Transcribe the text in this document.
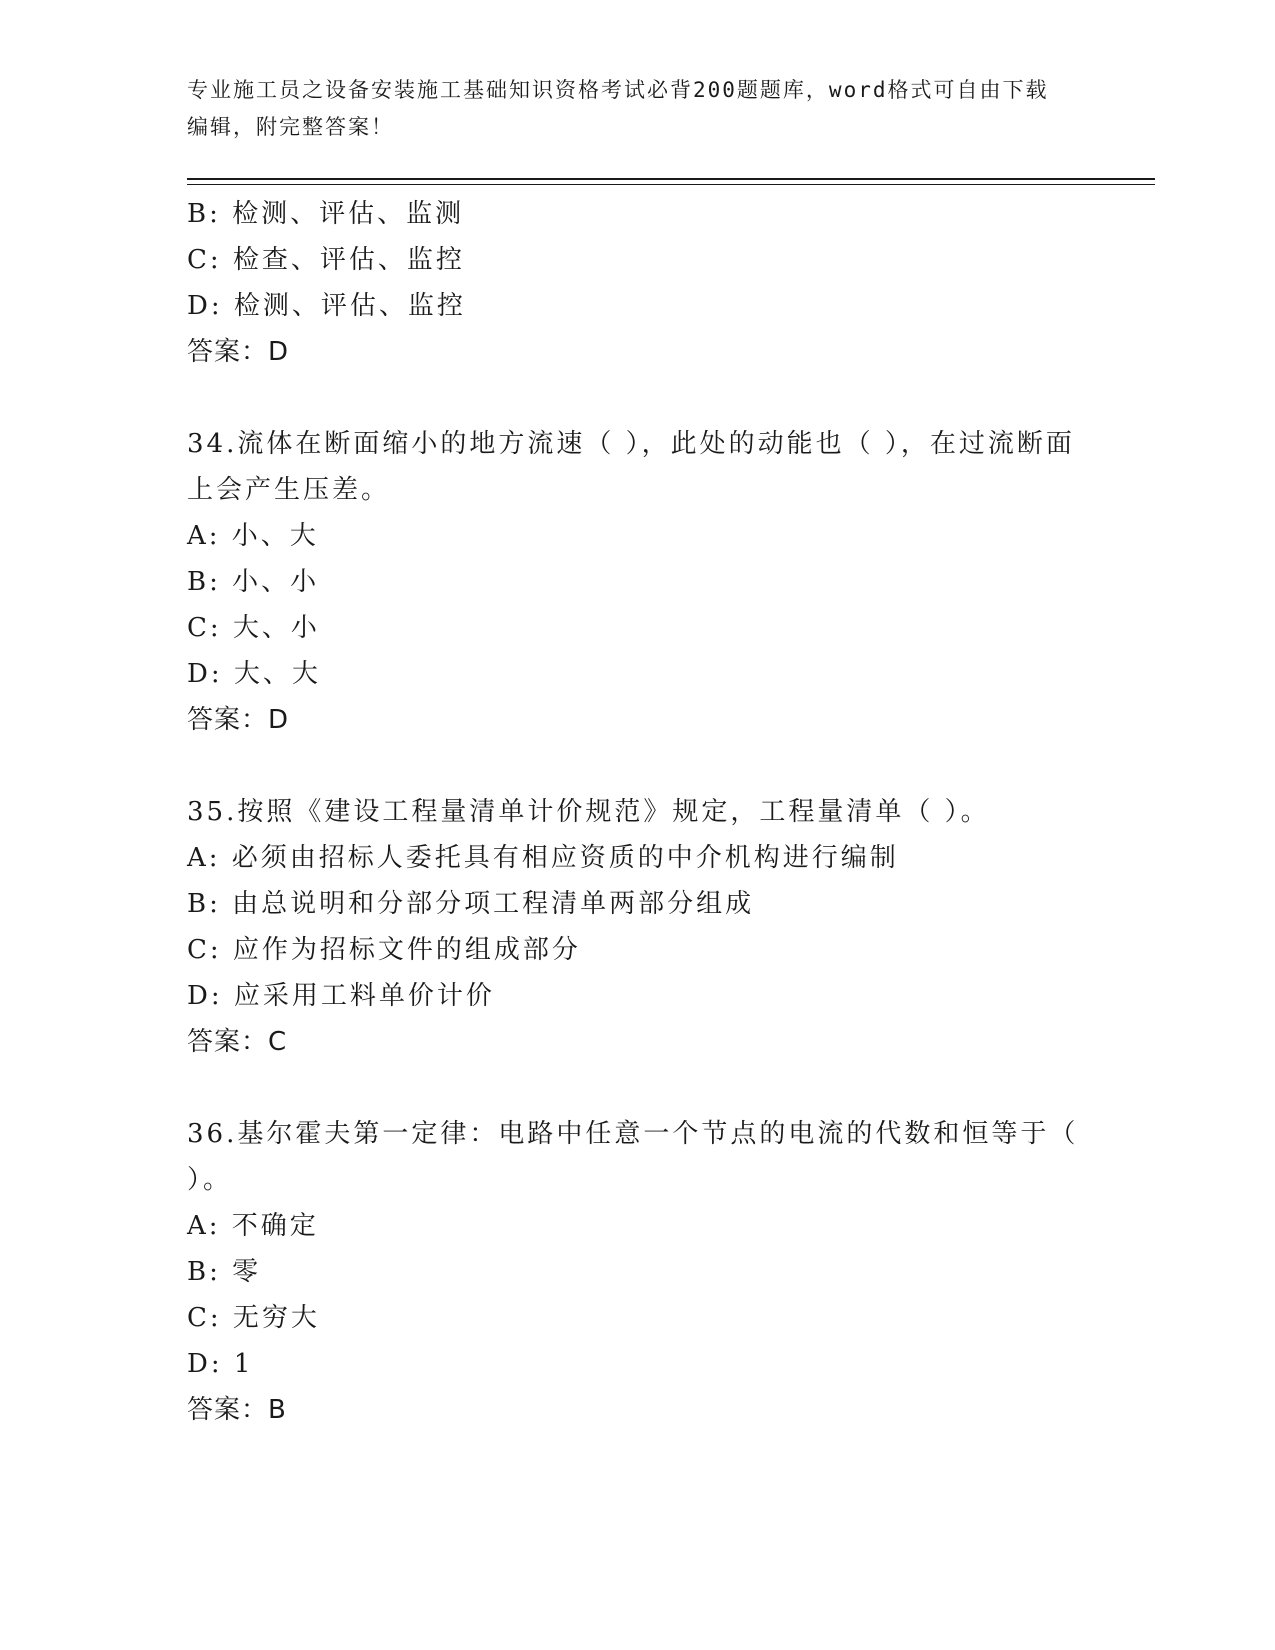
专业施工员之设备安装施工基础知识资格考试必背200题题库，word格式可自由下载编辑，附完整答案！
B: 检测、评估、监测
C: 检查、评估、监控
D: 检测、评估、监控
答案：D
34.流体在断面缩小的地方流速（ ），此处的动能也（ ），在过流断面上会产生压差。
A: 小、大
B: 小、小
C: 大、小
D: 大、大
答案：D
35.按照《建设工程量清单计价规范》规定，工程量清单（ ）。
A: 必须由招标人委托具有相应资质的中介机构进行编制
B: 由总说明和分部分项工程清单两部分组成
C: 应作为招标文件的组成部分
D: 应采用工料单价计价
答案：C
36.基尔霍夫第一定律：电路中任意一个节点的电流的代数和恒等于（ ）。
A: 不确定
B: 零
C: 无穷大
D: 1
答案：B
